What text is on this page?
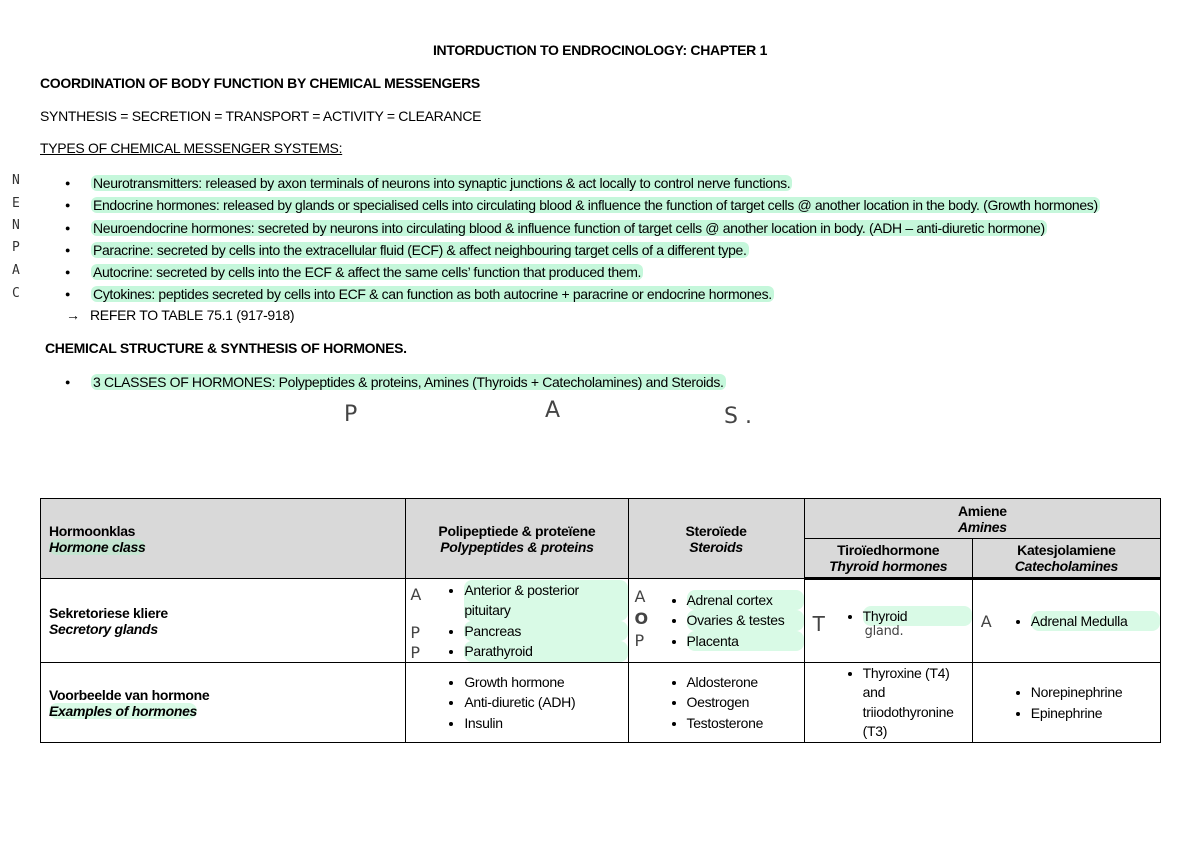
INTORDUCTION TO ENDROCINOLOGY: CHAPTER 1
COORDINATION OF BODY FUNCTION BY CHEMICAL MESSENGERS
SYNTHESIS = SECRETION = TRANSPORT = ACTIVITY = CLEARANCE
TYPES OF CHEMICAL MESSENGER SYSTEMS:
N
E
N
P
A
C
● Neurotransmitters: released by axon terminals of neurons into synaptic junctions & act locally to control nerve functions.
● Endocrine hormones: released by glands or specialised cells into circulating blood & influence the function of target cells @ another location in the body. (Growth hormones)
● Neuroendocrine hormones: secreted by neurons into circulating blood & influence function of target cells @ another location in body. (ADH – anti-diuretic hormone)
● Paracrine: secreted by cells into the extracellular fluid (ECF) & affect neighbouring target cells of a different type.
● Autocrine: secreted by cells into the ECF & affect the same cells’ function that produced them.
● Cytokines: peptides secreted by cells into ECF & can function as both autocrine + paracrine or endocrine hormones.
→ REFER TO TABLE 75.1 (917-918)
CHEMICAL STRUCTURE & SYNTHESIS OF HORMONES.
● 3 CLASSES OF HORMONES: Polypeptides & proteins, Amines (Thyroids + Catecholamines) and Steroids.
P	A	S .
Hormoonklas
Hormone class	
Polipeptiede & proteïene
Polypeptides & proteins

Steroïede
Steroids

Amiene
Amines

Tiroïedhormone
Thyroid hormones

Katesjolamiene
Catecholamines

Sekretoriese kliere
Secretory glands

A
P
P
• Anterior & posterior pituitary
• Pancreas
• Parathyroid

A
O
P
• Adrenal cortex
• Ovaries & testes
• Placenta

T	gland.
• Thyroid	A
•	Adrenal Medulla

Voorbeelde van hormone
Examples of hormones	
• Growth hormone
• Anti-diuretic (ADH)
• Insulin

• Aldosterone
• Oestrogen
• Testosterone

• Thyroxine (T4) and triiodothyronine (T3)

• Norepinephrine
• Epinephrine
